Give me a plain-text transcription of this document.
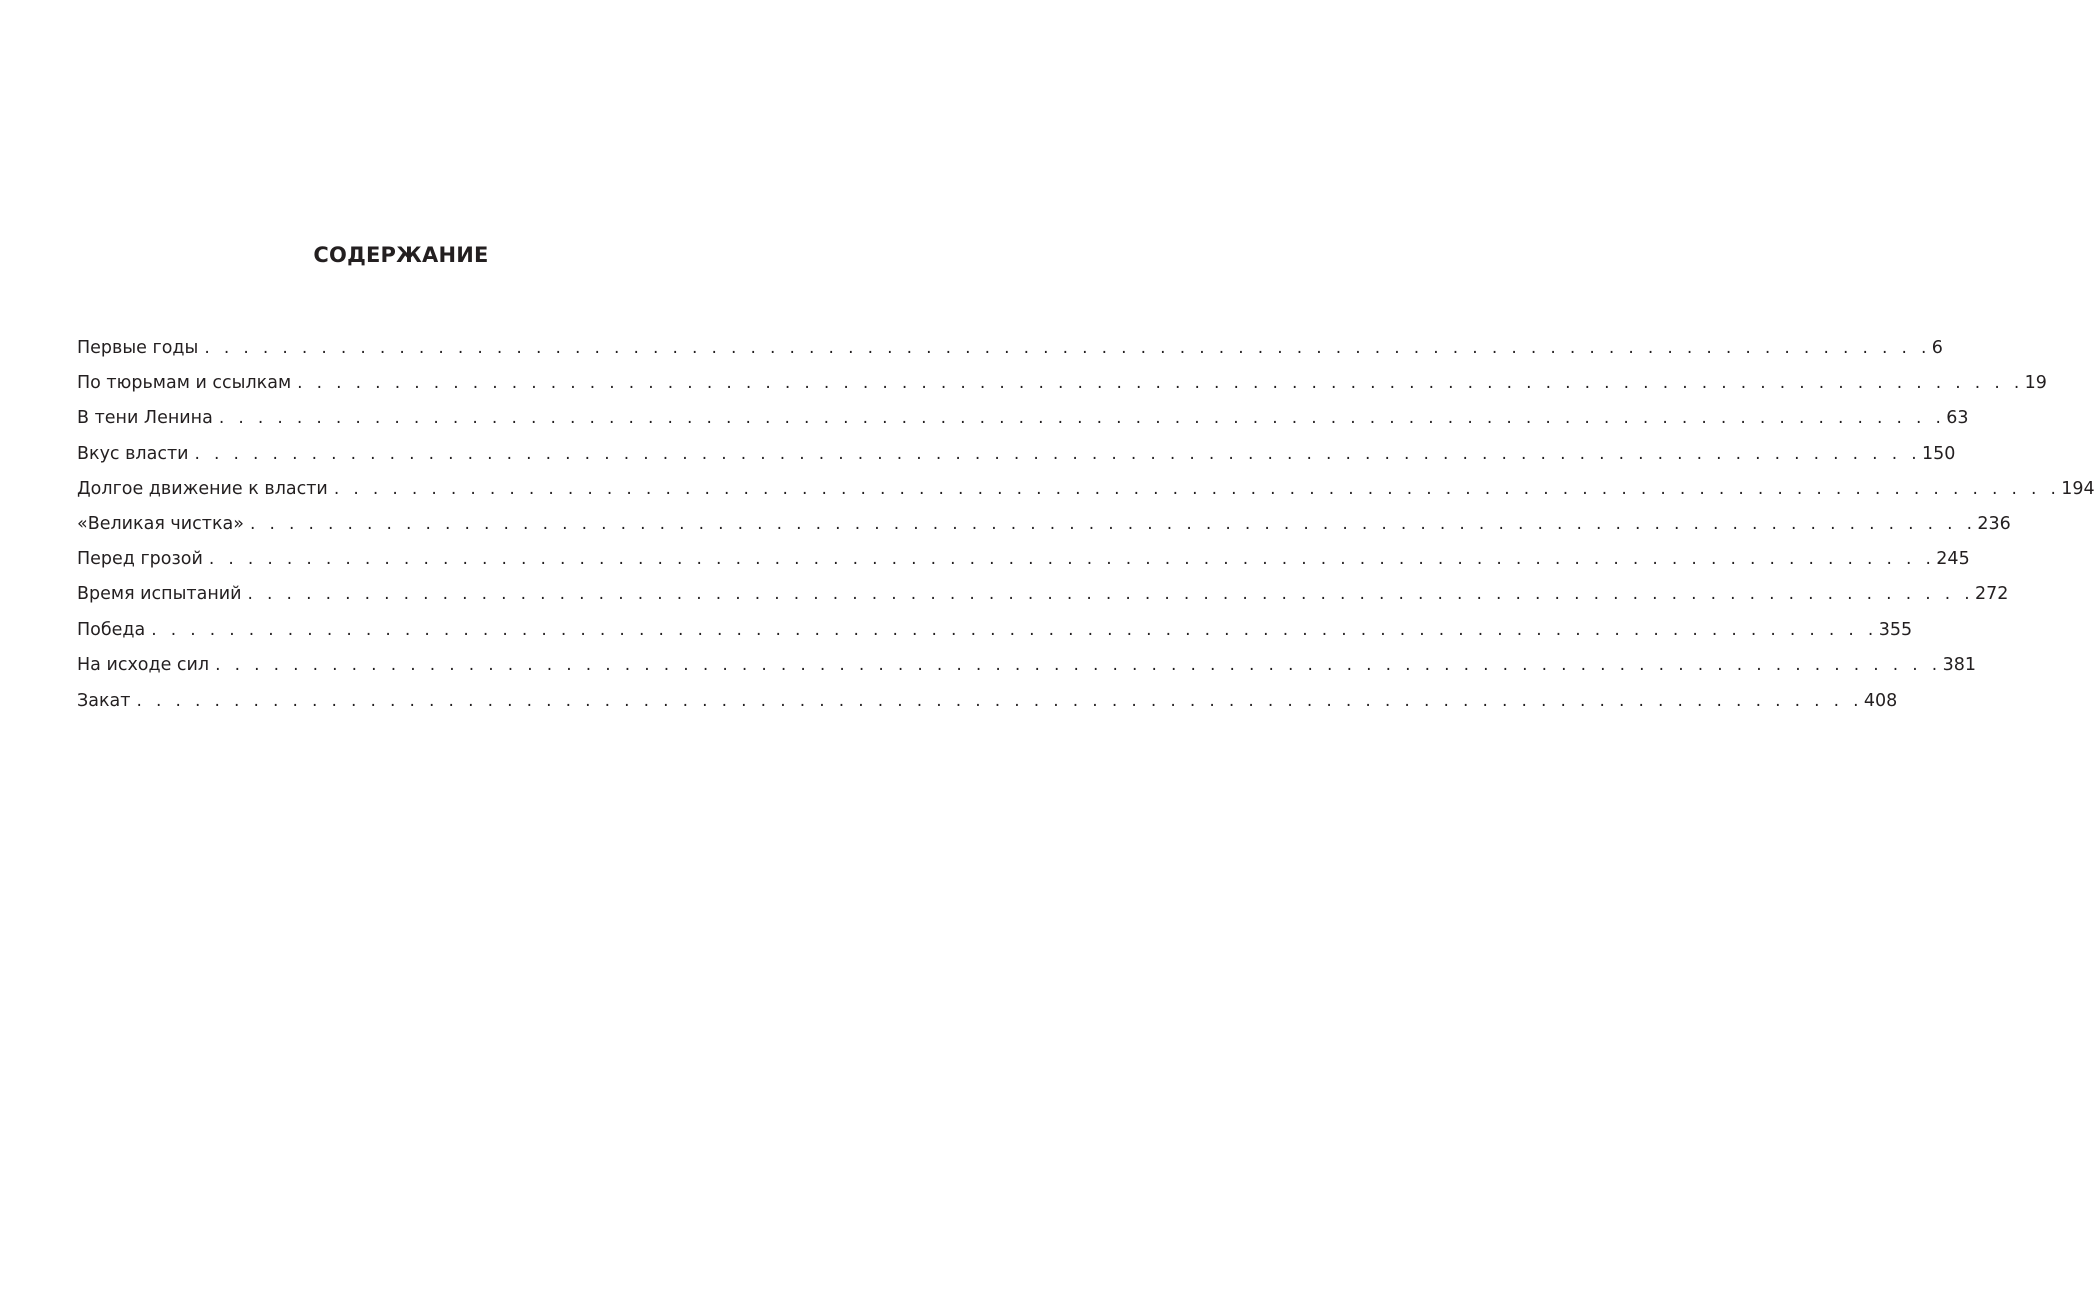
СОДЕРЖАНИЕ
Первые годы . . . . . . . . . . . . . . . . . . . . . . . . . . . . . . . . . . . . . . . . . . . . . . . . . . . . . . . . . . . . . . . . . . . . . . . . . . . . . . . . . . . . . . . . . 6
По тюрьмам и ссылкам . . . . . . . . . . . . . . . . . . . . . . . . . . . . . . . . . . . . . . . . . . . . . . . . . . . . . . . . . . . . . . . . . . . . . . . . . . . . . . . . . . . . . . . . . 19
В тени Ленина . . . . . . . . . . . . . . . . . . . . . . . . . . . . . . . . . . . . . . . . . . . . . . . . . . . . . . . . . . . . . . . . . . . . . . . . . . . . . . . . . . . . . . . . . 63
Вкус власти . . . . . . . . . . . . . . . . . . . . . . . . . . . . . . . . . . . . . . . . . . . . . . . . . . . . . . . . . . . . . . . . . . . . . . . . . . . . . . . . . . . . . . . . . 150
Долгое движение к власти . . . . . . . . . . . . . . . . . . . . . . . . . . . . . . . . . . . . . . . . . . . . . . . . . . . . . . . . . . . . . . . . . . . . . . . . . . . . . . . . . . . . . . . . . 194
«Великая чистка» . . . . . . . . . . . . . . . . . . . . . . . . . . . . . . . . . . . . . . . . . . . . . . . . . . . . . . . . . . . . . . . . . . . . . . . . . . . . . . . . . . . . . . . . . 236
Перед грозой . . . . . . . . . . . . . . . . . . . . . . . . . . . . . . . . . . . . . . . . . . . . . . . . . . . . . . . . . . . . . . . . . . . . . . . . . . . . . . . . . . . . . . . . . 245
Время испытаний . . . . . . . . . . . . . . . . . . . . . . . . . . . . . . . . . . . . . . . . . . . . . . . . . . . . . . . . . . . . . . . . . . . . . . . . . . . . . . . . . . . . . . . . . 272
Победа . . . . . . . . . . . . . . . . . . . . . . . . . . . . . . . . . . . . . . . . . . . . . . . . . . . . . . . . . . . . . . . . . . . . . . . . . . . . . . . . . . . . . . . . . 355
На исходе сил . . . . . . . . . . . . . . . . . . . . . . . . . . . . . . . . . . . . . . . . . . . . . . . . . . . . . . . . . . . . . . . . . . . . . . . . . . . . . . . . . . . . . . . . . 381
Закат . . . . . . . . . . . . . . . . . . . . . . . . . . . . . . . . . . . . . . . . . . . . . . . . . . . . . . . . . . . . . . . . . . . . . . . . . . . . . . . . . . . . . . . . . 408
